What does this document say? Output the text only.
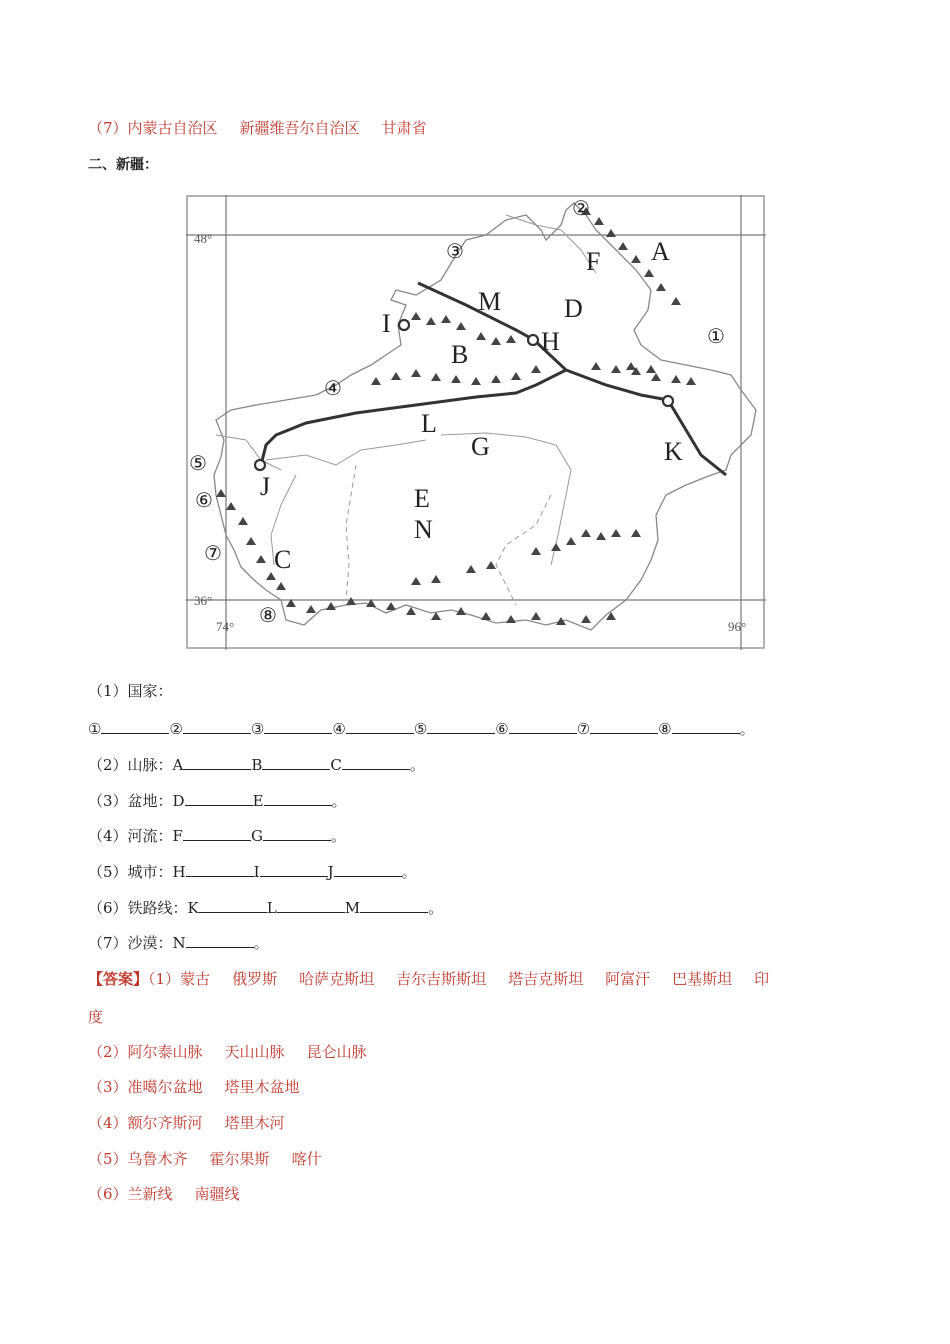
（7）内蒙古自治区 新疆维吾尔自治区 甘肃省
二、新疆：
48°
36°
74°	96°
A
B
C
D
E
F
G
H
I
J
K
L
M
N
①
②
③
④
⑤
⑥
⑦
⑧
（1）国家：
①	②	③	④	⑤	⑥	⑦	⑧	。
（2）山脉：A	B	C	。
（3）盆地：D	E	。
（4）河流：F	G	。
（5）城市：H	I	J	。
（6）铁路线：K	L	M	。
（7）沙漠：N	。
【答案】（1）蒙古 俄罗斯 哈萨克斯坦 吉尔吉斯斯坦 塔吉克斯坦 阿富汗 巴基斯坦 印
度
（2）阿尔泰山脉 天山山脉 昆仑山脉
（3）准噶尔盆地 塔里木盆地
（4）额尔齐斯河 塔里木河
（5）乌鲁木齐 霍尔果斯 喀什
（6）兰新线 南疆线
